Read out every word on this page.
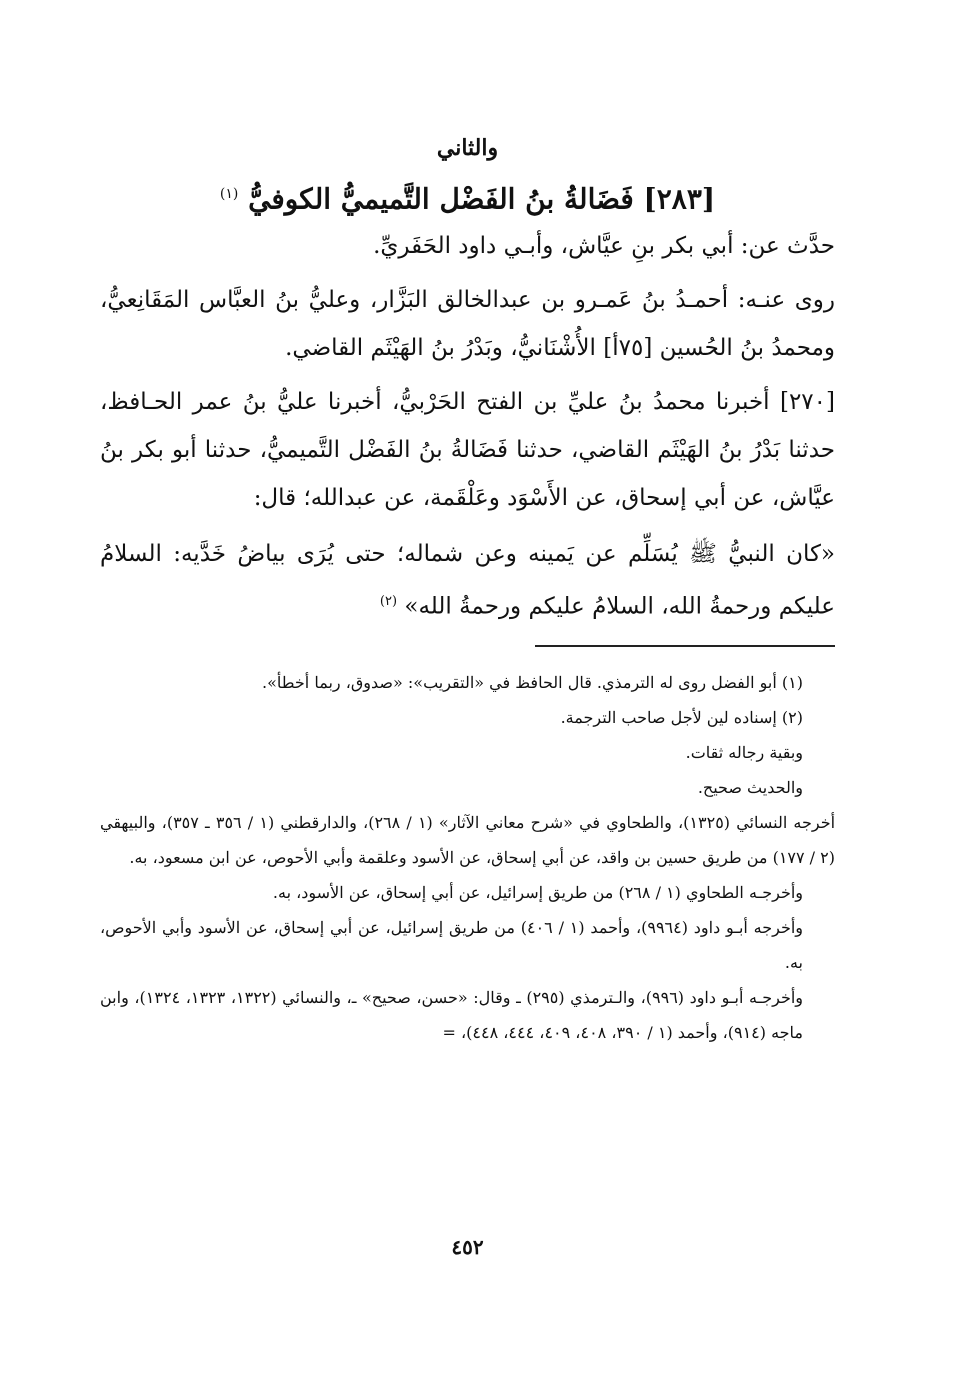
والثاني
[٢٨٣] فَضَالةُ بنُ الفَضْل التَّميميُّ الكوفيُّ $^{(١)}$

حدَّث عن: أبي بكر بنِ عيَّاش، وأبـي داود الحَفَريِّ.

روى عنـه: أحمـدُ بنُ عَمـرو بن عبدالخالق البَزَّار، وعليُّ بنُ العبَّاس المَقَانِعيُّ، ومحمدُ بنُ الحُسين [٧٥أ] الأُشْنَانيُّ، وبَدْرُ بنُ الهَيْثَم القاضي.

[٢٧٠] أخبرنا محمدُ بنُ عليِّ بن الفتح الحَرْبيُّ، أخبرنا عليُّ بنُ عمر الحـافظ، حدثنا بَدْرُ بنُ الهَيْثَم القاضي، حدثنا فَضَالةُ بنُ الفَضْل التَّميميُّ، حدثنا أبو بكر بنُ عيَّاش، عن أبي إسحاق، عن الأَسْوَد وعَلْقَمة، عن عبدالله؛ قال:

«كان النبيُّ ﷺ يُسَلِّم عن يَمينه وعن شماله؛ حتى يُرَى بياضُ خَدَّيه: السلامُ عليكم ورحمةُ الله، السلامُ عليكم ورحمةُ الله» $^{(٢)}$

(١) أبو الفضل روى له الترمذي. قال الحافظ في «التقريب»: «صدوق، ربما أخطأ».

(٢) إسناده لين لأجل صاحب الترجمة.

وبقية رجاله ثقات.

والحديث صحيح.

أخرجه النسائي (١٣٢٥)، والطحاوي في «شرح معاني الآثار» (١ / ٢٦٨)، والدارقطني (١ / ٣٥٦ ـ ٣٥٧)، والبيهقي (٢ / ١٧٧) من طريق حسين بن واقد، عن أبي إسحاق، عن الأسود وعلقمة وأبي الأحوص، عن ابن مسعود، به.

وأخرجـه الطحاوي (١ / ٢٦٨) من طريق إسرائيل، عن أبي إسحاق، عن الأسود، به.

وأخرجه أبـو داود (٩٩٦٤)، وأحمد (١ / ٤٠٦) من طريق إسرائيل، عن أبي إسحاق، عن الأسود وأبي الأحوص، به.

وأخرجـه أبـو داود (٩٩٦)، والـترمذي (٢٩٥) ـ وقال: «حسن، صحيح» ـ، والنسائي (١٣٢٢، ١٣٢٣، ١٣٢٤)، وابن ماجه (٩١٤)، وأحمد (١ / ٣٩٠، ٤٠٨، ٤٠٩، ٤٤٤، ٤٤٨)، =

٤٥٢
